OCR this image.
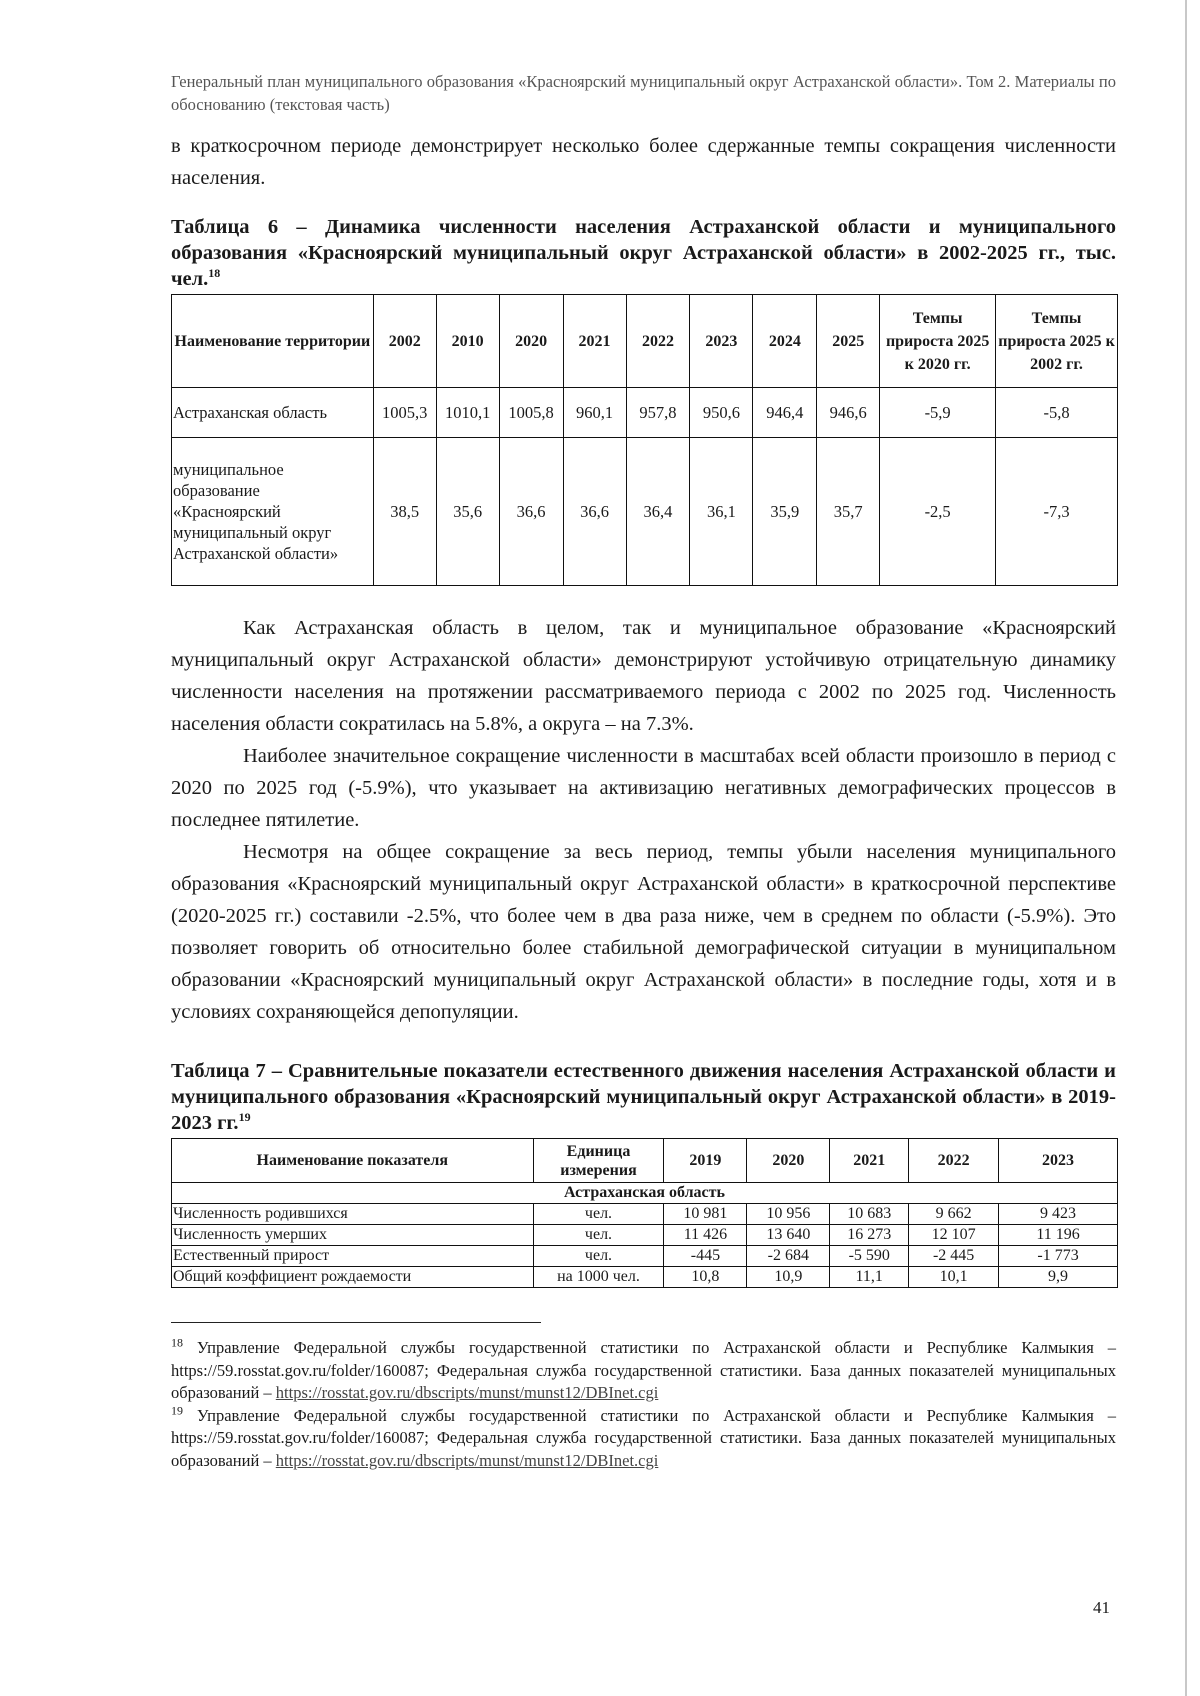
Генеральный план муниципального образования «Красноярский муниципальный округ Астраханской области». Том 2. Материалы по обоснованию (текстовая часть)

в краткосрочном периоде демонстрирует несколько более сдержанные темпы сокращения численности населения.

Таблица 6 – Динамика численности населения Астраханской области и муниципального образования «Красноярский муниципальный округ Астраханской области» в 2002-2025 гг., тыс. чел.$^{18}$

Наименование территории	2002	2010	2020	2021	2022	2023	2024	2025	Темпы прироста 2025 к 2020 гг.	Темпы прироста 2025 к 2002 гг.
Астраханская область	1005,3	1010,1	1005,8	960,1	957,8	950,6	946,4	946,6	-5,9	-5,8
муниципальное образование «Красноярский муниципальный округ Астраханской области»	38,5	35,6	36,6	36,6	36,4	36,1	35,9	35,7	-2,5	-7,3

Как Астраханская область в целом, так и муниципальное образование «Красноярский муниципальный округ Астраханской области» демонстрируют устойчивую отрицательную динамику численности населения на протяжении рассматриваемого периода с 2002 по 2025 год. Численность населения области сократилась на 5.8%, а округа – на 7.3%.

Наиболее значительное сокращение численности в масштабах всей области произошло в период с 2020 по 2025 год (-5.9%), что указывает на активизацию негативных демографических процессов в последнее пятилетие.

Несмотря на общее сокращение за весь период, темпы убыли населения муниципального образования «Красноярский муниципальный округ Астраханской области» в краткосрочной перспективе (2020-2025 гг.) составили -2.5%, что более чем в два раза ниже, чем в среднем по области (-5.9%). Это позволяет говорить об относительно более стабильной демографической ситуации в муниципальном образовании «Красноярский муниципальный округ Астраханской области» в последние годы, хотя и в условиях сохраняющейся депопуляции.

Таблица 7 – Сравнительные показатели естественного движения населения Астраханской области и муниципального образования «Красноярский муниципальный округ Астраханской области» в 2019-2023 гг.$^{19}$

Наименование показателя	Единица измерения	2019	2020	2021	2022	2023
Астраханская область						
Численность родившихся	чел.	10 981	10 956	10 683	9 662	9 423
Численность умерших	чел.	11 426	13 640	16 273	12 107	11 196
Естественный прирост	чел.	-445	-2 684	-5 590	-2 445	-1 773
Общий коэффициент рождаемости	на 1000 чел.	10,8	10,9	11,1	10,1	9,9

$^{18}$ Управление Федеральной службы государственной статистики по Астраханской области и Республике Калмыкия – https://59.rosstat.gov.ru/folder/160087; Федеральная служба государственной статистики. База данных показателей муниципальных образований – https://rosstat.gov.ru/dbscripts/munst/munst12/DBInet.cgi

$^{19}$ Управление Федеральной службы государственной статистики по Астраханской области и Республике Калмыкия – https://59.rosstat.gov.ru/folder/160087; Федеральная служба государственной статистики. База данных показателей муниципальных образований – https://rosstat.gov.ru/dbscripts/munst/munst12/DBInet.cgi

41
